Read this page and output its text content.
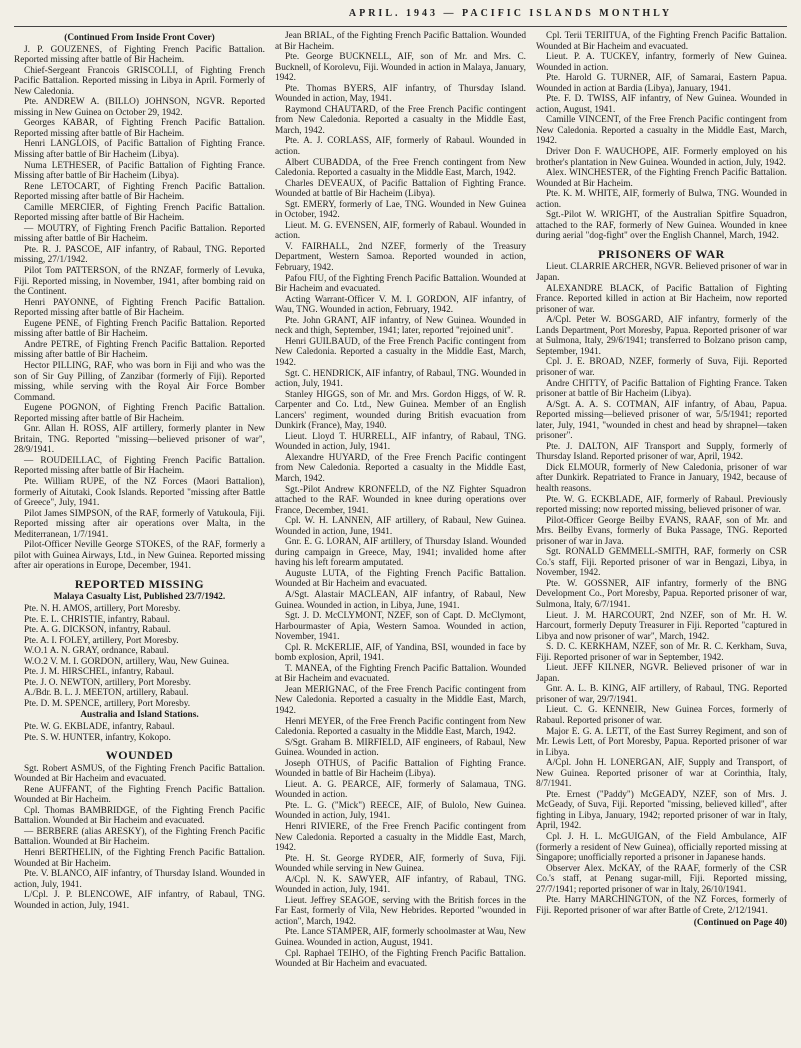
APRIL. 1943 — PACIFIC ISLANDS MONTHLY
(Continued From Inside Front Cover)

J. P. GOUZENES, of Fighting French Pacific Battalion. Reported missing after battle of Bir Hacheim.

Chief-Sergeant Francois GRISCOLLI, of Fighting French Pacific Battalion. Reported missing in Libya in April. Formerly of New Caledonia.

Pte. ANDREW A. (BILLO) JOHNSON, NGVR. Reported missing in New Guinea on October 29, 1942.

Georges KABAR, of Fighting French Pacific Battalion. Reported missing after battle of Bir Hacheim.

Henri LANGLOIS, of Pacific Battalion of Fighting France. Missing after battle of Bir Hacheim (Libya).

Numa LETHESER, of Pacific Battalion of Fighting France. Missing after battle of Bir Hacheim (Libya).

Rene LETOCART, of Fighting French Pacific Battalion. Reported missing after battle of Bir Hacheim.

Camille MERCIER, of Fighting French Pacific Battalion. Reported missing after battle of Bir Hacheim.

— MOUTRY, of Fighting French Pacific Battalion. Reported missing after battle of Bir Hacheim.

Pte. R. J. PASCOE, AIF infantry, of Rabaul, TNG. Reported missing, 27/1/1942.

Pilot Tom PATTERSON, of the RNZAF, formerly of Levuka, Fiji. Reported missing, in November, 1941, after bombing raid on the Continent.

Henri PAYONNE, of Fighting French Pacific Battalion. Reported missing after battle of Bir Hacheim.

Eugene PENE, of Fighting French Pacific Battalion. Reported missing after battle of Bir Hacheim.

Andre PETRE, of Fighting French Pacific Battalion. Reported missing after battle of Bir Hacheim.

Hector PILLING, RAF, who was born in Fiji and who was the son of Sir Guy Pilling, of Zanzibar (formerly of Fiji). Reported missing, while serving with the Royal Air Force Bomber Command.

Eugene POGNON, of Fighting French Pacific Battalion. Reported missing after battle of Bir Hacheim.

Gnr. Allan H. ROSS, AIF artillery, formerly planter in New Britain, TNG. Reported "missing—believed prisoner of war", 28/9/1941.

— ROUDEILLAC, of Fighting French Pacific Battalion. Reported missing after battle of Bir Hacheim.

Pte. William RUPE, of the NZ Forces (Maori Battalion), formerly of Aitutaki, Cook Islands. Reported "missing after Battle of Greece", July, 1941.

Pilot James SIMPSON, of the RAF, formerly of Vatukoula, Fiji. Reported missing after air operations over Malta, in the Mediterranean, 1/7/1941.

Pilot-Officer Neville George STOKES, of the RAF, formerly a pilot with Guinea Airways, Ltd., in New Guinea. Reported missing after air operations in Europe, December, 1941.

REPORTED MISSING
Malaya Casualty List, Published 23/7/1942.

Pte. N. H. AMOS, artillery, Port Moresby.

Pte. E. L. CHRISTIE, infantry, Rabaul.

Pte. A. G. DICKSON, infantry, Rabaul.

Pte. A. I. FOLEY, artillery, Port Moresby.

W.O.1 A. N. GRAY, ordnance, Rabaul.

W.O.2 V. M. I. GORDON, artillery, Wau, New Guinea.

Pte. J. M. HIRSCHEL, infantry, Rabaul.

Pte. J. O. NEWTON, artillery, Port Moresby.

A./Bdr. B. L. J. MEETON, artillery, Rabaul.

Pte. D. M. SPENCE, artillery, Port Moresby.

Australia and Island Stations.

Pte. W. G. EKBLADE, infantry, Rabaul.

Pte. S. W. HUNTER, infantry, Kokopo.

WOUNDED

Sgt. Robert ASMUS, of the Fighting French Pacific Battalion. Wounded at Bir Hacheim and evacuated.

Rene AUFFANT, of the Fighting French Pacific Battalion. Wounded at Bir Hacheim.

Cpl. Thomas BAMBRIDGE, of the Fighting French Pacific Battalion. Wounded at Bir Hacheim and evacuated.

— BERBERE (alias ARESKY), of the Fighting French Pacific Battalion. Wounded at Bir Hacheim.

Henri BERTHELIN, of the Fighting French Pacific Battalion. Wounded at Bir Hacheim.

Pte. V. BLANCO, AIF infantry, of Thursday Island. Wounded in action, July, 1941.

L/Cpl. J. P. BLENCOWE, AIF infantry, of Rabaul, TNG. Wounded in action, July, 1941.

Jean BRIAL, of the Fighting French Pacific Battalion. Wounded at Bir Hacheim.

Pte. George BUCKNELL, AIF, son of Mr. and Mrs. C. Bucknell, of Korolevu, Fiji. Wounded in action in Malaya, January, 1942.

Pte. Thomas BYERS, AIF infantry, of Thursday Island. Wounded in action, May, 1941.

Raymond CHAUTARD, of the Free French Pacific contingent from New Caledonia. Reported a casualty in the Middle East, March, 1942.

Pte. A. J. CORLASS, AIF, formerly of Rabaul. Wounded in action.

Albert CUBADDA, of the Free French contingent from New Caledonia. Reported a casualty in the Middle East, March, 1942.

Charles DEVEAUX, of Pacific Battalion of Fighting France. Wounded at battle of Bir Hacheim (Libya).

Sgt. EMERY, formerly of Lae, TNG. Wounded in New Guinea in October, 1942.

Lieut. M. G. EVENSEN, AIF, formerly of Rabaul. Wounded in action.

V. FAIRHALL, 2nd NZEF, formerly of the Treasury Department, Western Samoa. Reported wounded in action, February, 1942.

Pafou FIU, of the Fighting French Pacific Battalion. Wounded at Bir Hacheim and evacuated.

Acting Warrant-Officer V. M. I. GORDON, AIF infantry, of Wau, TNG. Wounded in action, February, 1942.

Pte. John GRANT, AIF infantry, of New Guinea. Wounded in neck and thigh, September, 1941; later, reported "rejoined unit".

Henri GUILBAUD, of the Free French Pacific contingent from New Caledonia. Reported a casualty in the Middle East, March, 1942.

Sgt. C. HENDRICK, AIF infantry, of Rabaul, TNG. Wounded in action, July, 1941.

Stanley HIGGS, son of Mr. and Mrs. Gordon Higgs, of W. R. Carpenter and Co. Ltd., New Guinea. Member of an English Lancers' regiment, wounded during British evacuation from Dunkirk (France), May, 1940.

Lieut. Lloyd T. HURRELL, AIF infantry, of Rabaul, TNG. Wounded in action, July, 1941.

Alexandre HUYARD, of the Free French Pacific contingent from New Caledonia. Reported a casualty in the Middle East, March, 1942.

Sgt.-Pilot Andrew KRONFELD, of the NZ Fighter Squadron attached to the RAF. Wounded in knee during operations over France, December, 1941.

Cpl. W. H. LANNEN, AIF artillery, of Rabaul, New Guinea. Wounded in action, June, 1941.

Gnr. E. G. LORAN, AIF artillery, of Thursday Island. Wounded during campaign in Greece, May, 1941; invalided home after having his left forearm amputated.

Auguste LUTA, of the Fighting French Pacific Battalion. Wounded at Bir Hacheim and evacuated.

A/Sgt. Alastair MACLEAN, AIF infantry, of Rabaul, New Guinea. Wounded in action, in Libya, June, 1941.

Sgt. J. D. McCLYMONT, NZEF, son of Capt. D. McClymont, Harbourmaster of Apia, Western Samoa. Wounded in action, November, 1941.

Cpl. R. McKERLIE, AIF, of Yandina, BSI, wounded in face by bomb explosion, April, 1941.

T. MANEA, of the Fighting French Pacific Battalion. Wounded at Bir Hacheim and evacuated.

Jean MERIGNAC, of the Free French Pacific contingent from New Caledonia. Reported a casualty in the Middle East, March, 1942.

Henri MEYER, of the Free French Pacific contingent from New Caledonia. Reported a casualty in the Middle East, March, 1942.

S/Sgt. Graham B. MIRFIELD, AIF engineers, of Rabaul, New Guinea. Wounded in action.

Joseph OTHUS, of Pacific Battalion of Fighting France. Wounded in battle of Bir Hacheim (Libya).

Lieut. A. G. PEARCE, AIF, formerly of Salamaua, TNG. Wounded in action.

Pte. L. G. ("Mick") REECE, AIF, of Bulolo, New Guinea. Wounded in action, July, 1941.

Henri RIVIERE, of the Free French Pacific contingent from New Caledonia. Reported a casualty in the Middle East, March, 1942.

Pte. H. St. George RYDER, AIF, formerly of Suva, Fiji. Wounded while serving in New Guinea.

A/Cpl. N. K. SAWYER, AIF infantry, of Rabaul, TNG. Wounded in action, July, 1941.

Lieut. Jeffrey SEAGOE, serving with the British forces in the Far East, formerly of Vila, New Hebrides. Reported "wounded in action", March, 1942.

Pte. Lance STAMPER, AIF, formerly schoolmaster at Wau, New Guinea. Wounded in action, August, 1941.

Cpl. Raphael TEIHO, of the Fighting French Pacific Battalion. Wounded at Bir Hacheim and evacuated.

Cpl. Terii TERIITUA, of the Fighting French Pacific Battalion. Wounded at Bir Hacheim and evacuated.

Lieut. P. A. TUCKEY, infantry, formerly of New Guinea. Wounded in action.

Pte. Harold G. TURNER, AIF, of Samarai, Eastern Papua. Wounded in action at Bardia (Libya), January, 1941.

Pte. F. D. TWISS, AIF infantry, of New Guinea. Wounded in action, August, 1941.

Camille VINCENT, of the Free French Pacific contingent from New Caledonia. Reported a casualty in the Middle East, March, 1942.

Driver Don F. WAUCHOPE, AIF. Formerly employed on his brother's plantation in New Guinea. Wounded in action, July, 1942.

Alex. WINCHESTER, of the Fighting French Pacific Battalion. Wounded at Bir Hacheim.

Pte. K. M. WHITE, AIF, formerly of Bulwa, TNG. Wounded in action.

Sgt.-Pilot W. WRIGHT, of the Australian Spitfire Squadron, attached to the RAF, formerly of New Guinea. Wounded in knee during aerial "dog-fight" over the English Channel, March, 1942.

PRISONERS OF WAR

Lieut. CLARRIE ARCHER, NGVR. Believed prisoner of war in Japan.

ALEXANDRE BLACK, of Pacific Battalion of Fighting France. Reported killed in action at Bir Hacheim, now reported prisoner of war.

A/Cpl. Peter W. BOSGARD, AIF infantry, formerly of the Lands Department, Port Moresby, Papua. Reported prisoner of war at Sulmona, Italy, 29/6/1941; transferred to Bolzano prison camp, September, 1941.

Cpl. J. E. BROAD, NZEF, formerly of Suva, Fiji. Reported prisoner of war.

Andre CHITTY, of Pacific Battalion of Fighting France. Taken prisoner at battle of Bir Hacheim (Libya).

A/Sgt. A. A. S. COTMAN, AIF infantry, of Abau, Papua. Reported missing—believed prisoner of war, 5/5/1941; reported later, July, 1941, "wounded in chest and head by shrapnel—taken prisoner".

Pte. J. DALTON, AIF Transport and Supply, formerly of Thursday Island. Reported prisoner of war, April, 1942.

Dick ELMOUR, formerly of New Caledonia, prisoner of war after Dunkirk. Repatriated to France in January, 1942, because of health reasons.

Pte. W. G. ECKBLADE, AIF, formerly of Rabaul. Previously reported missing; now reported missing, believed prisoner of war.

Pilot-Officer George Beilby EVANS, RAAF, son of Mr. and Mrs. Beilby Evans, formerly of Buka Passage, TNG. Reported prisoner of war in Java.

Sgt. RONALD GEMMELL-SMITH, RAF, formerly on CSR Co.'s staff, Fiji. Reported prisoner of war in Bengazi, Libya, in November, 1942.

Pte. W. GOSSNER, AIF infantry, formerly of the BNG Development Co., Port Moresby, Papua. Reported prisoner of war, Sulmona, Italy, 6/7/1941.

Lieut. J. M. HARCOURT, 2nd NZEF, son of Mr. H. W. Harcourt, formerly Deputy Treasurer in Fiji. Reported "captured in Libya and now prisoner of war", March, 1942.

S. D. C. KERKHAM, NZEF, son of Mr. R. C. Kerkham, Suva, Fiji. Reported prisoner of war in September, 1942.

Lieut. JEFF KILNER, NGVR. Believed prisoner of war in Japan.

Gnr. A. L. B. KING, AIF artillery, of Rabaul, TNG. Reported prisoner of war, 29/7/1941.

Lieut. C. G. KENNEIR, New Guinea Forces, formerly of Rabaul. Reported prisoner of war.

Major E. G. A. LETT, of the East Surrey Regiment, and son of Mr. Lewis Lett, of Port Moresby, Papua. Reported prisoner of war in Libya.

A/Cpl. John H. LONERGAN, AIF, Supply and Transport, of New Guinea. Reported prisoner of war at Corinthia, Italy, 8/7/1941.

Pte. Ernest ("Paddy") McGEADY, NZEF, son of Mrs. J. McGeady, of Suva, Fiji. Reported "missing, believed killed", after fighting in Libya, January, 1942; reported prisoner of war in Italy, April, 1942.

Cpl. J. H. L. McGUIGAN, of the Field Ambulance, AIF (formerly a resident of New Guinea), officially reported missing at Singapore; unofficially reported a prisoner in Japanese hands.

Observer Alex. McKAY, of the RAAF, formerly of the CSR Co.'s staff, at Penang sugar-mill, Fiji. Reported missing, 27/7/1941; reported prisoner of war in Italy, 26/10/1941.

Pte. Harry MARCHINGTON, of the NZ Forces, formerly of Fiji. Reported prisoner of war after Battle of Crete, 2/12/1941.

(Continued on Page 40)
